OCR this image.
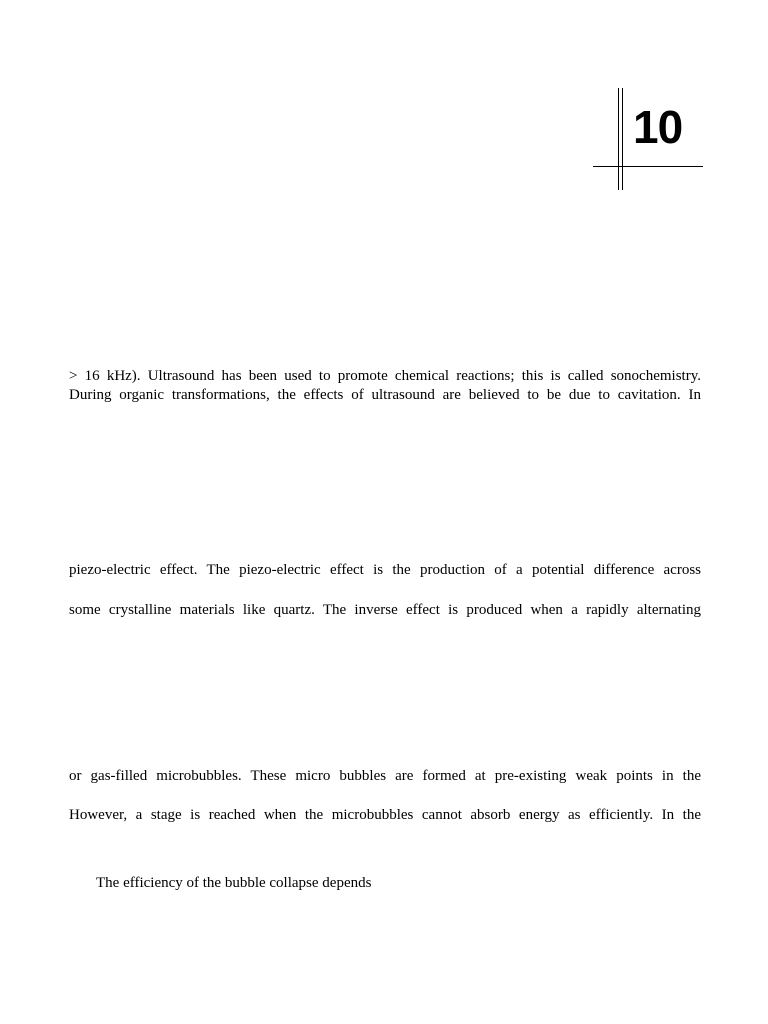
10
> 16 kHz). Ultrasound has been used to promote chemical reactions; this is called sonochemistry.
During organic transformations, the effects of ultrasound are believed to be due to cavitation. In
piezo-electric effect. The piezo-electric effect is the production of a potential difference across
some crystalline materials like quartz. The inverse effect is produced when a rapidly alternating
or gas-filled microbubbles. These micro bubbles are formed at pre-existing weak points in the
However, a stage is reached when the microbubbles cannot absorb energy as efficiently. In the
The efficiency of the bubble collapse depends
